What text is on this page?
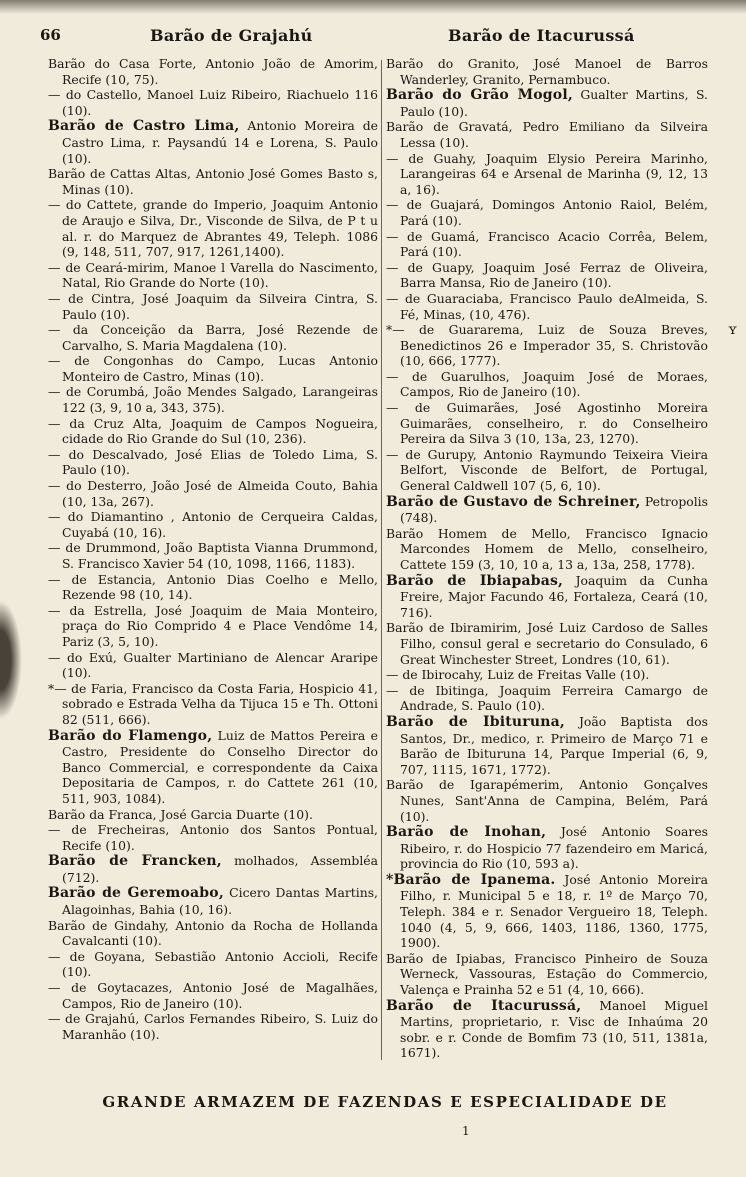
66	Barão de Grajahú	Barão de Itacurussá

Barão do Casa Forte, Antonio João de Amorim, Recife (10, 75).

— do Castello, Manoel Luiz Ribeiro, Riachuelo 116 (10).

Barão de Castro Lima, Antonio Moreira de Castro Lima, r. Paysandú 14 e Lorena, S. Paulo (10).

Barão de Cattas Altas, Antonio José Gomes Basto s, Minas (10).

— do Cattete, grande do Imperio, Joaquim Antonio de Araujo e Silva, Dr., Visconde de Silva, de P t u al. r. do Marquez de Abrantes 49, Teleph. 1086 (9, 148, 511, 707, 917, 1261,1400).

— de Ceará-mirim, Manoe l Varella do Nascimento, Natal, Rio Grande do Norte (10).

— de Cintra, José Joaquim da Silveira Cintra, S. Paulo (10).

— da Conceição da Barra, José Rezende de Carvalho, S. Maria Magdalena (10).

— de Congonhas do Campo, Lucas Antonio Monteiro de Castro, Minas (10).

— de Corumbá, João Mendes Salgado, Larangeiras 122 (3, 9, 10 a, 343, 375).

— da Cruz Alta, Joaquim de Campos Nogueira, cidade do Rio Grande do Sul (10, 236).

— do Descalvado, José Elias de Toledo Lima, S. Paulo (10).

— do Desterro, João José de Almeida Couto, Bahia (10, 13a, 267).

— do Diamantino , Antonio de Cerqueira Caldas, Cuyabá (10, 16).

— de Drummond, João Baptista Vianna Drummond, S. Francisco Xavier 54 (10, 1098, 1166, 1183).

— de Estancia, Antonio Dias Coelho e Mello, Rezende 98 (10, 14).

— da Estrella, José Joaquim de Maia Monteiro, praça do Rio Comprido 4 e Place Vendôme 14, Pariz (3, 5, 10).

— do Exú, Gualter Martiniano de Alencar Araripe (10).

*— de Faria, Francisco da Costa Faria, Hospicio 41, sobrado e Estrada Velha da Tijuca 15 e Th. Ottoni 82 (511, 666).

Barão do Flamengo, Luiz de Mattos Pereira e Castro, Presidente do Conselho Director do Banco Commercial, e correspondente da Caixa Depositaria de Campos, r. do Cattete 261 (10, 511, 903, 1084).

Barão da Franca, José Garcia Duarte (10).

— de Frecheiras, Antonio dos Santos Pontual, Recife (10).

Barão de Francken, molhados, Assembléa (712).

Barão de Geremoabo, Cicero Dantas Martins, Alagoinhas, Bahia (10, 16).

Barão de Gindahy, Antonio da Rocha de Hollanda Cavalcanti (10).

— de Goyana, Sebastião Antonio Accioli, Recife (10).

— de Goytacazes, Antonio José de Magalhães, Campos, Rio de Janeiro (10).

— de Grajahú, Carlos Fernandes Ribeiro, S. Luiz do Maranhão (10).

Barão do Granito, José Manoel de Barros Wanderley, Granito, Pernambuco.

Barão do Grão Mogol, Gualter Martins, S. Paulo (10).

Barão de Gravatá, Pedro Emiliano da Silveira Lessa (10).

— de Guahy, Joaquim Elysio Pereira Marinho, Larangeiras 64 e Arsenal de Marinha (9, 12, 13 a, 16).

— de Guajará, Domingos Antonio Raiol, Belém, Pará (10).

— de Guamá, Francisco Acacio Corrêa, Belem, Pará (10).

— de Guapy, Joaquim José Ferraz de Oliveira, Barra Mansa, Rio de Janeiro (10).

— de Guaraciaba, Francisco Paulo deAlmeida, S. Fé, Minas, (10, 476).

*— de Guararema, Luiz de Souza Breves, Benedictinos 26 e Imperador 35, S. Christovão (10, 666, 1777).

— de Guarulhos, Joaquim José de Moraes, Campos, Rio de Janeiro (10).

— de Guimarães, José Agostinho Moreira Guimarães, conselheiro, r. do Conselheiro Pereira da Silva 3 (10, 13a, 23, 1270).

— de Gurupy, Antonio Raymundo Teixeira Vieira Belfort, Visconde de Belfort, de Portugal, General Caldwell 107 (5, 6, 10).

Barão de Gustavo de Schreiner, Petropolis (748).

Barão Homem de Mello, Francisco Ignacio Marcondes Homem de Mello, conselheiro, Cattete 159 (3, 10, 10 a, 13 a, 13a, 258, 1778).

Barão de Ibiapabas, Joaquim da Cunha Freire, Major Facundo 46, Fortaleza, Ceará (10, 716).

Barão de Ibiramirim, José Luiz Cardoso de Salles Filho, consul geral e secretario do Consulado, 6 Great Winchester Street, Londres (10, 61).

— de Ibirocahy, Luiz de Freitas Valle (10).

— de Ibitinga, Joaquim Ferreira Camargo de Andrade, S. Paulo (10).

Barão de Ibituruna, João Baptista dos Santos, Dr., medico, r. Primeiro de Março 71 e Barão de Ibituruna 14, Parque Imperial (6, 9, 707, 1115, 1671, 1772).

Barão de Igarapémerim, Antonio Gonçalves Nunes, Sant'Anna de Campina, Belém, Pará (10).

Barão de Inohan, José Antonio Soares Ribeiro, r. do Hospicio 77 fazendeiro em Maricá, provincia do Rio (10, 593 a).

*Barão de Ipanema. José Antonio Moreira Filho, r. Municipal 5 e 18, r. 1º de Março 70, Teleph. 384 e r. Senador Vergueiro 18, Teleph. 1040 (4, 5, 9, 666, 1403, 1186, 1360, 1775, 1900).

Barão de Ipiabas, Francisco Pinheiro de Souza Werneck, Vassouras, Estação do Commercio, Valença e Prainha 52 e 51 (4, 10, 666).

Barão de Itacurussá, Manoel Miguel Martins, proprietario, r. Visc de Inhaúma 20 sobr. e r. Conde de Bomfim 73 (10, 511, 1381a, 1671).

ʏ
GRANDE ARMAZEM DE FAZENDAS E ESPECIALIDADE DE
1
